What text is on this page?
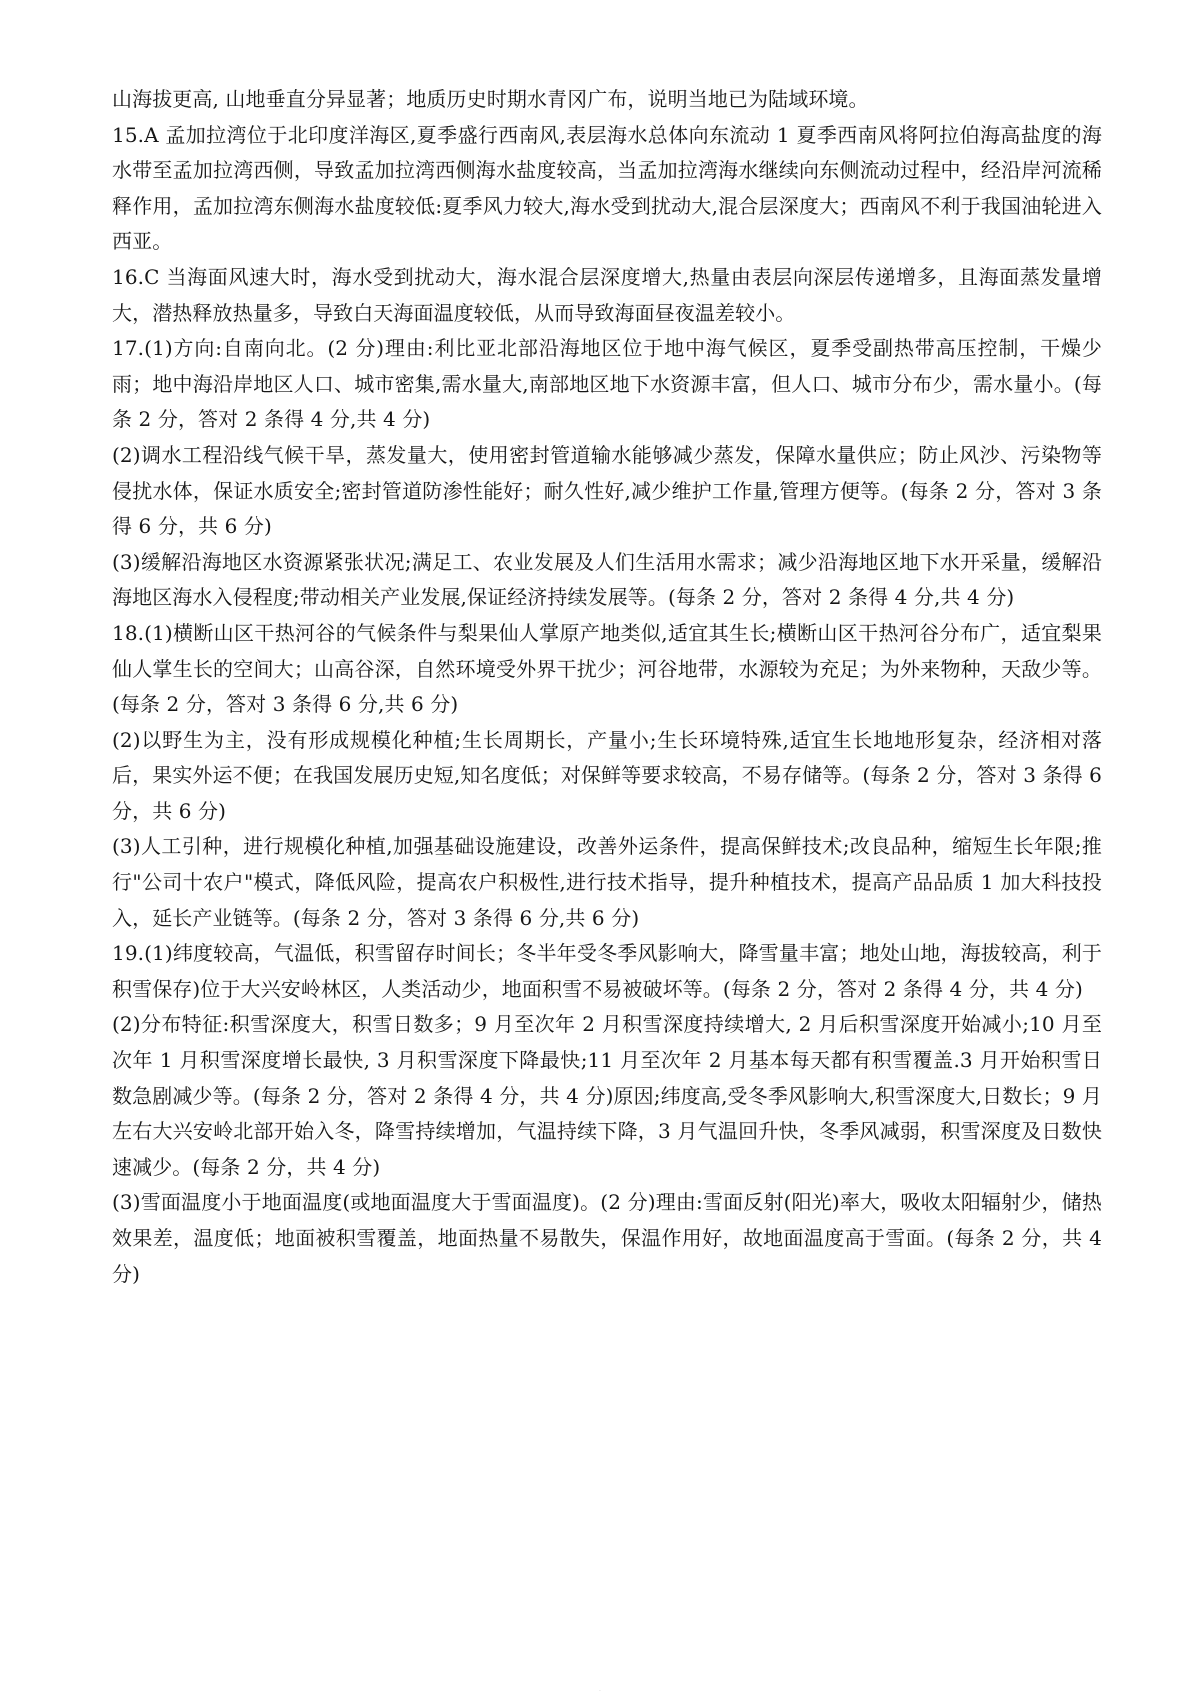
山海拔更高, 山地垂直分异显著；地质历史时期水青冈广布，说明当地已为陆域环境。

15.A 孟加拉湾位于北印度洋海区,夏季盛行西南风,表层海水总体向东流动 1 夏季西南风将阿拉伯海高盐度的海水带至孟加拉湾西侧，导致孟加拉湾西侧海水盐度较高，当孟加拉湾海水继续向东侧流动过程中，经沿岸河流稀释作用，孟加拉湾东侧海水盐度较低:夏季风力较大,海水受到扰动大,混合层深度大；西南风不利于我国油轮进入西亚。

16.C 当海面风速大时，海水受到扰动大，海水混合层深度增大,热量由表层向深层传递增多，且海面蒸发量增大，潜热释放热量多，导致白天海面温度较低，从而导致海面昼夜温差较小。

17.(1)方向:自南向北。(2 分)理由:利比亚北部沿海地区位于地中海气候区，夏季受副热带高压控制，干燥少雨；地中海沿岸地区人口、城市密集,需水量大,南部地区地下水资源丰富，但人口、城市分布少，需水量小。(每条 2 分，答对 2 条得 4 分,共 4 分)

(2)调水工程沿线气候干旱，蒸发量大，使用密封管道输水能够减少蒸发，保障水量供应；防止风沙、污染物等侵扰水体，保证水质安全;密封管道防渗性能好；耐久性好,减少维护工作量,管理方便等。(每条 2 分，答对 3 条得 6 分，共 6 分)

(3)缓解沿海地区水资源紧张状况;满足工、农业发展及人们生活用水需求；减少沿海地区地下水开采量，缓解沿海地区海水入侵程度;带动相关产业发展,保证经济持续发展等。(每条 2 分，答对 2 条得 4 分,共 4 分)

18.(1)横断山区干热河谷的气候条件与梨果仙人掌原产地类似,适宜其生长;横断山区干热河谷分布广，适宜梨果仙人掌生长的空间大；山高谷深，自然环境受外界干扰少；河谷地带，水源较为充足；为外来物种，天敌少等。(每条 2 分，答对 3 条得 6 分,共 6 分)

(2)以野生为主，没有形成规模化种植;生长周期长，产量小;生长环境特殊,适宜生长地地形复杂，经济相对落后，果实外运不便；在我国发展历史短,知名度低；对保鲜等要求较高，不易存储等。(每条 2 分，答对 3 条得 6 分，共 6 分)

(3)人工引种，进行规模化种植,加强基础设施建设，改善外运条件，提高保鲜技术;改良品种，缩短生长年限;推行"公司十农户"模式，降低风险，提高农户积极性,进行技术指导，提升种植技术，提高产品品质 1 加大科技投入，延长产业链等。(每条 2 分，答对 3 条得 6 分,共 6 分)

19.(1)纬度较高，气温低，积雪留存时间长；冬半年受冬季风影响大，降雪量丰富；地处山地，海拔较高，利于积雪保存)位于大兴安岭林区，人类活动少，地面积雪不易被破坏等。(每条 2 分，答对 2 条得 4 分，共 4 分)

(2)分布特征:积雪深度大，积雪日数多；9 月至次年 2 月积雪深度持续增大, 2 月后积雪深度开始减小;10 月至次年 1 月积雪深度增长最快, 3 月积雪深度下降最快;11 月至次年 2 月基本每天都有积雪覆盖.3 月开始积雪日数急剧减少等。(每条 2 分，答对 2 条得 4 分，共 4 分)原因;纬度高,受冬季风影响大,积雪深度大,日数长；9 月左右大兴安岭北部开始入冬，降雪持续增加，气温持续下降，3 月气温回升快，冬季风减弱，积雪深度及日数快速减少。(每条 2 分，共 4 分)

(3)雪面温度小于地面温度(或地面温度大于雪面温度)。(2 分)理由:雪面反射(阳光)率大，吸收太阳辐射少，储热效果差，温度低；地面被积雪覆盖，地面热量不易散失，保温作用好，故地面温度高于雪面。(每条 2 分，共 4 分)

·
